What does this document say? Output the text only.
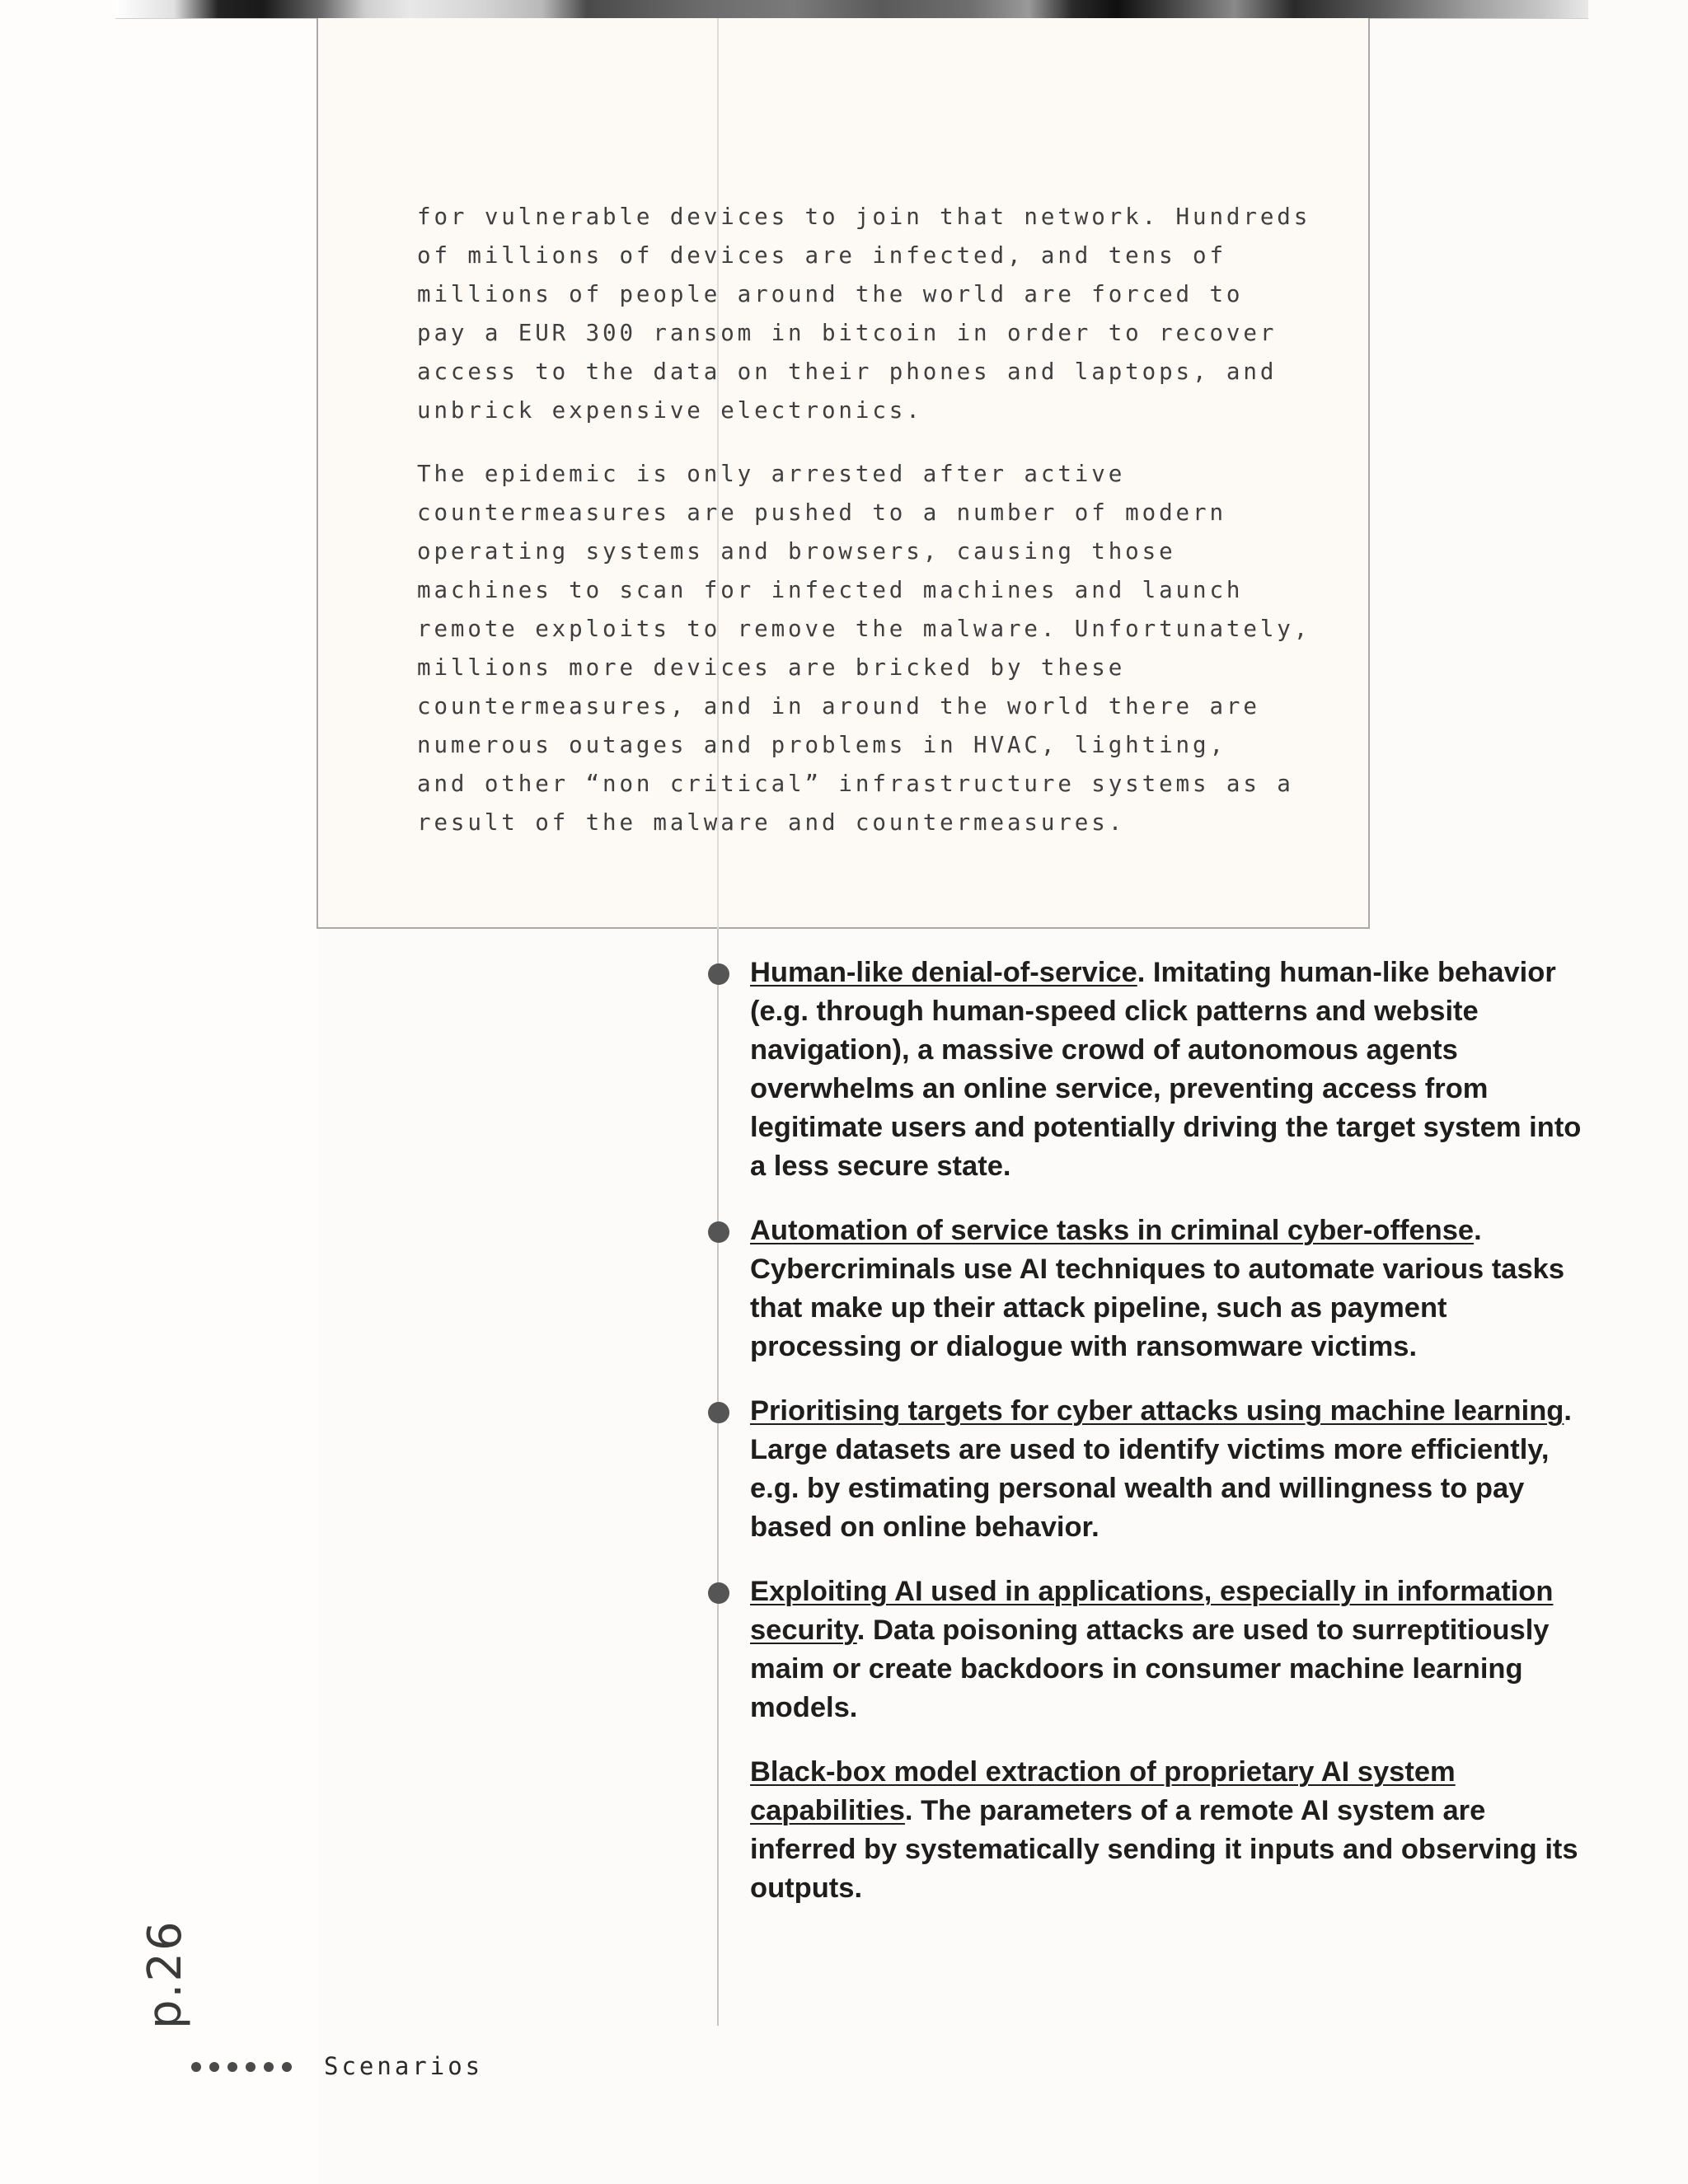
for vulnerable devices to join that network. Hundreds
of millions of devices are infected, and tens of
millions of people around the world are forced to
pay a EUR 300 ransom in bitcoin in order to recover
access to the data on their phones and laptops, and
unbrick expensive electronics.

The epidemic is only arrested after active
countermeasures are pushed to a number of modern
operating systems and browsers, causing those
machines to scan for infected machines and launch
remote exploits to remove the malware. Unfortunately,
millions more devices are bricked by these
countermeasures, and in around the world there are
numerous outages and problems in HVAC, lighting,
and other “non critical” infrastructure systems as a
result of the malware and countermeasures.

Human-like denial-of-service. Imitating human-like behavior (e.g. through human-speed click patterns and website navigation), a massive crowd of autonomous agents overwhelms an online service, preventing access from legitimate users and potentially driving the target system into a less secure state.
Automation of service tasks in criminal cyber-offense. Cybercriminals use AI techniques to automate various tasks that make up their attack pipeline, such as payment processing or dialogue with ransomware victims.
Prioritising targets for cyber attacks using machine learning. Large datasets are used to identify victims more efficiently, e.g. by estimating personal wealth and willingness to pay based on online behavior.
Exploiting AI used in applications, especially in information security. Data poisoning attacks are used to surreptitiously maim or create backdoors in consumer machine learning models.
Black-box model extraction of proprietary AI system capabilities. The parameters of a remote AI system are inferred by systematically sending it inputs and observing its outputs.
p.26
Scenarios
